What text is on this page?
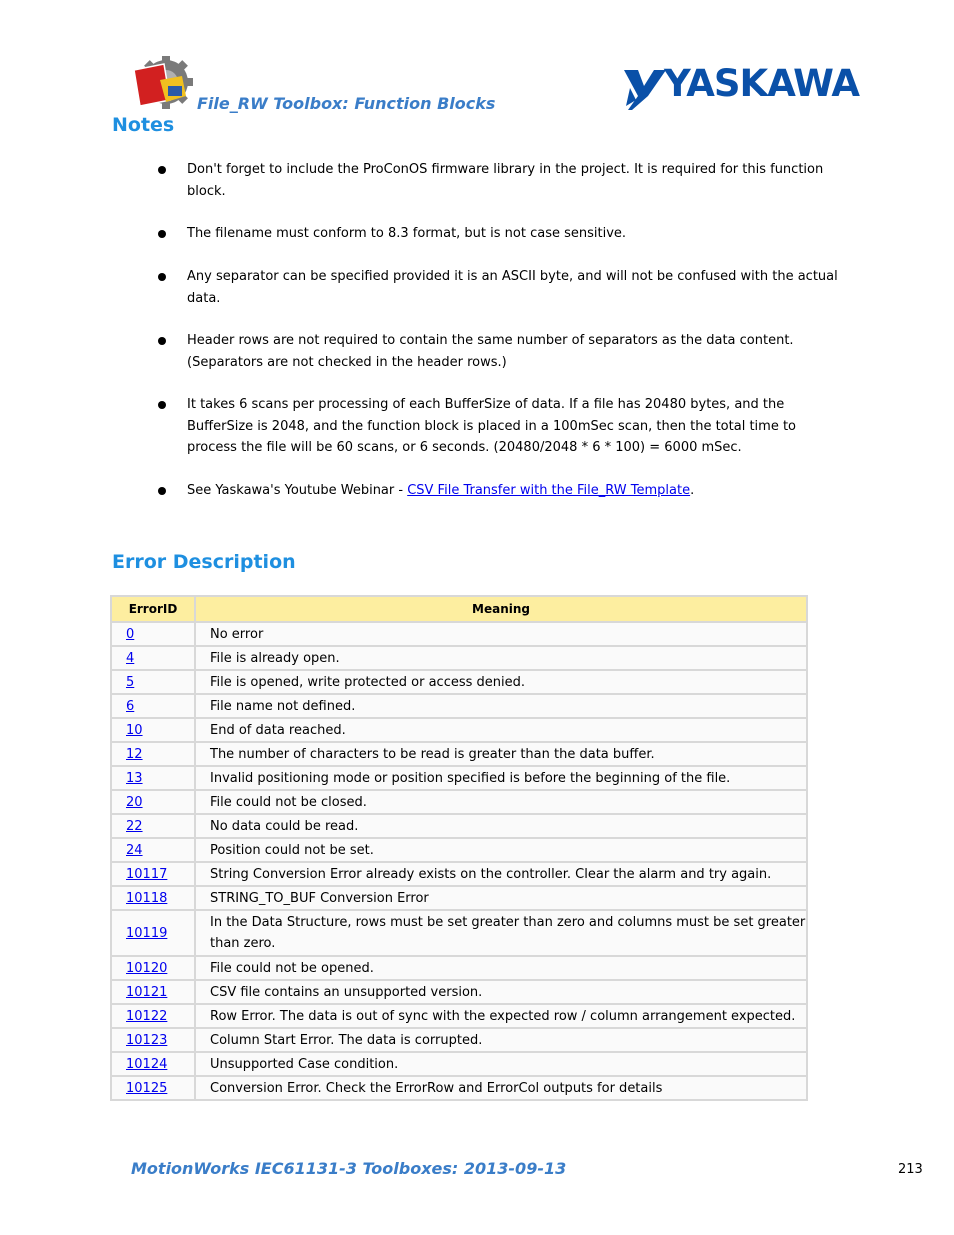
File_RW Toolbox: Function Blocks	YASKAWA
Notes
Don't forget to include the ProConOS firmware library in the project. It is required for this function block.
The filename must conform to 8.3 format, but is not case sensitive.
Any separator can be specified provided it is an ASCII byte, and will not be confused with the actual data.
Header rows are not required to contain the same number of separators as the data content. (Separators are not checked in the header rows.)
It takes 6 scans per processing of each BufferSize of data. If a file has 20480 bytes, and the BufferSize is 2048, and the function block is placed in a 100mSec scan, then the total time to process the file will be 60 scans, or 6 seconds. (20480/2048 * 6 * 100) = 6000 mSec.
See Yaskawa's Youtube Webinar - CSV File Transfer with the File_RW Template.
Error Description
ErrorID	Meaning
0	No error
4	File is already open.
5	File is opened, write protected or access denied.
6	File name not defined.
10	End of data reached.
12	The number of characters to be read is greater than the data buffer.
13	Invalid positioning mode or position specified is before the beginning of the file.
20	File could not be closed.
22	No data could be read.
24	Position could not be set.
10117	String Conversion Error already exists on the controller. Clear the alarm and try again.
10118	STRING_TO_BUF Conversion Error
10119	In the Data Structure, rows must be set greater than zero and columns must be set greater than zero.
10120	File could not be opened.
10121	CSV file contains an unsupported version.
10122	Row Error. The data is out of sync with the expected row / column arrangement expected.
10123	Column Start Error. The data is corrupted.
10124	Unsupported Case condition.
10125	Conversion Error. Check the ErrorRow and ErrorCol outputs for details
MotionWorks IEC61131-3 Toolboxes: 2013-09-13	213
